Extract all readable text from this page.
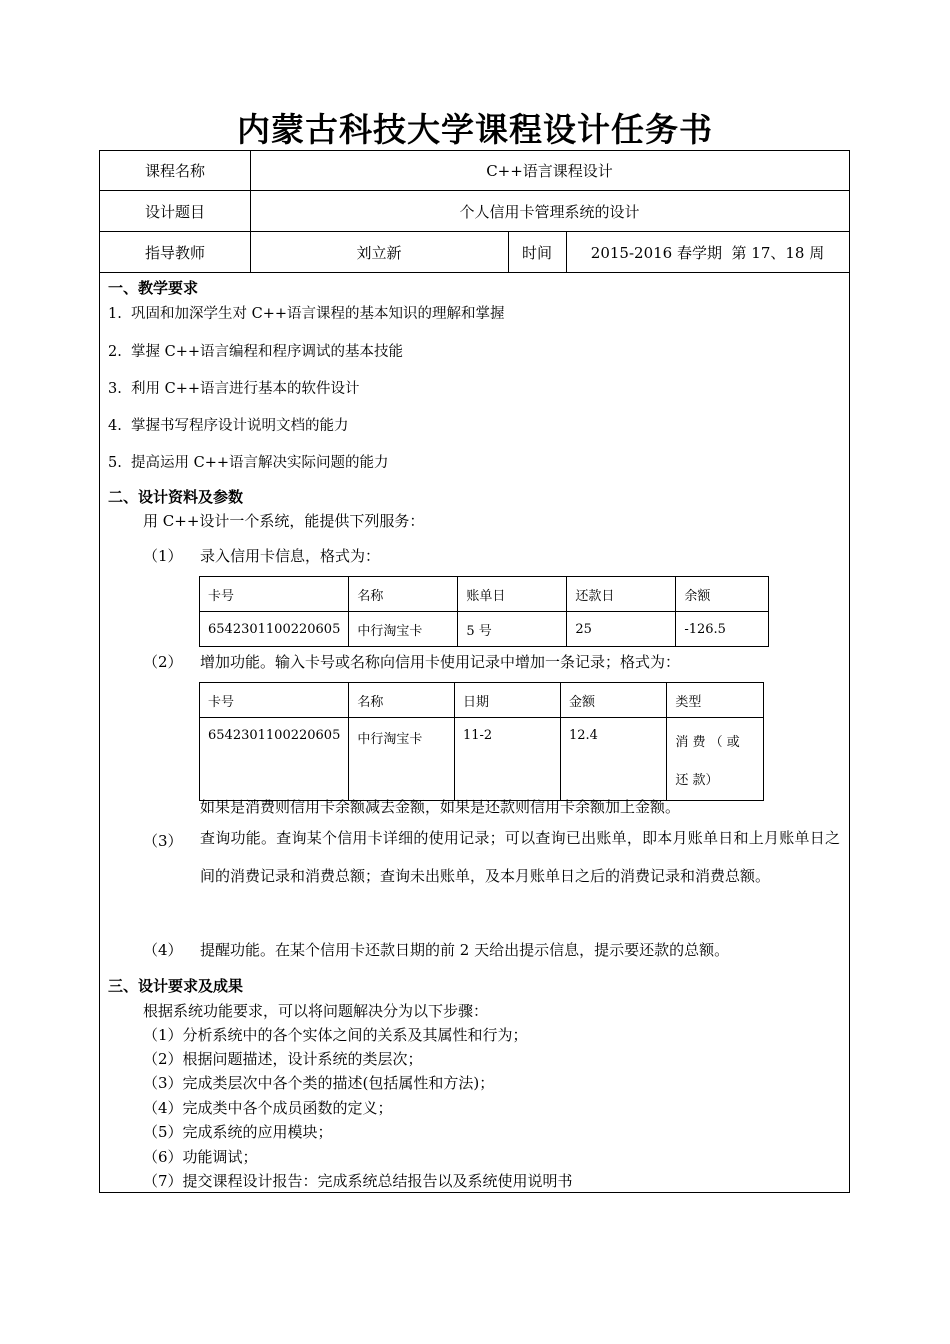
内蒙古科技大学课程设计任务书
课程名称	C++语言课程设计
设计题目	个人信用卡管理系统的设计
指导教师	刘立新	时间	2015-2016 春学期  第 17、18 周
一、教学要求
1.  巩固和加深学生对 C++语言课程的基本知识的理解和掌握
2.  掌握 C++语言编程和程序调试的基本技能
3.  利用 C++语言进行基本的软件设计
4.  掌握书写程序设计说明文档的能力
5.  提高运用 C++语言解决实际问题的能力
二、设计资料及参数
用 C++设计一个系统，能提供下列服务：
（1） 录入信用卡信息，格式为：
卡号	名称	账单日	还款日	余额
6542301100220605	中行淘宝卡	5 号	25	-126.5
（2） 增加功能。输入卡号或名称向信用卡使用记录中增加一条记录；格式为：
卡号	名称	日期	金额	类型
6542301100220605	中行淘宝卡	11-2	12.4	消 费 （ 或 还 款）
如果是消费则信用卡余额减去金额，如果是还款则信用卡余额加上金额。
（3） 查询功能。查询某个信用卡详细的使用记录；可以查询已出账单，即本月账单日和上月账单日之间的消费记录和消费总额；查询未出账单，及本月账单日之后的消费记录和消费总额。
（4） 提醒功能。在某个信用卡还款日期的前 2 天给出提示信息，提示要还款的总额。
三、设计要求及成果
根据系统功能要求，可以将问题解决分为以下步骤：
（1）分析系统中的各个实体之间的关系及其属性和行为；
（2）根据问题描述，设计系统的类层次；
（3）完成类层次中各个类的描述(包括属性和方法)；
（4）完成类中各个成员函数的定义；
（5）完成系统的应用模块；
（6）功能调试；
（7）提交课程设计报告：完成系统总结报告以及系统使用说明书
